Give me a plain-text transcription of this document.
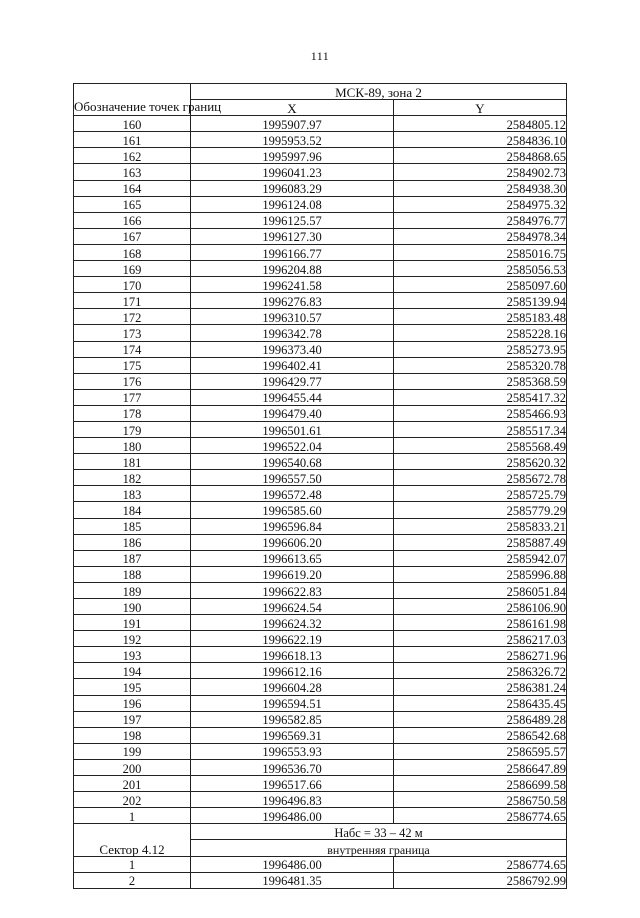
111
Обозначение точек границ	МСК-89, зона 2	
	X	Y
160	1995907.97	2584805.12
161	1995953.52	2584836.10
162	1995997.96	2584868.65
163	1996041.23	2584902.73
164	1996083.29	2584938.30
165	1996124.08	2584975.32
166	1996125.57	2584976.77
167	1996127.30	2584978.34
168	1996166.77	2585016.75
169	1996204.88	2585056.53
170	1996241.58	2585097.60
171	1996276.83	2585139.94
172	1996310.57	2585183.48
173	1996342.78	2585228.16
174	1996373.40	2585273.95
175	1996402.41	2585320.78
176	1996429.77	2585368.59
177	1996455.44	2585417.32
178	1996479.40	2585466.93
179	1996501.61	2585517.34
180	1996522.04	2585568.49
181	1996540.68	2585620.32
182	1996557.50	2585672.78
183	1996572.48	2585725.79
184	1996585.60	2585779.29
185	1996596.84	2585833.21
186	1996606.20	2585887.49
187	1996613.65	2585942.07
188	1996619.20	2585996.88
189	1996622.83	2586051.84
190	1996624.54	2586106.90
191	1996624.32	2586161.98
192	1996622.19	2586217.03
193	1996618.13	2586271.96
194	1996612.16	2586326.72
195	1996604.28	2586381.24
196	1996594.51	2586435.45
197	1996582.85	2586489.28
198	1996569.31	2586542.68
199	1996553.93	2586595.57
200	1996536.70	2586647.89
201	1996517.66	2586699.58
202	1996496.83	2586750.58
1	1996486.00	2586774.65
Сектор 4.12	Набс = 33 – 42 м	
	внутренняя граница	
1	1996486.00	2586774.65
2	1996481.35	2586792.99
